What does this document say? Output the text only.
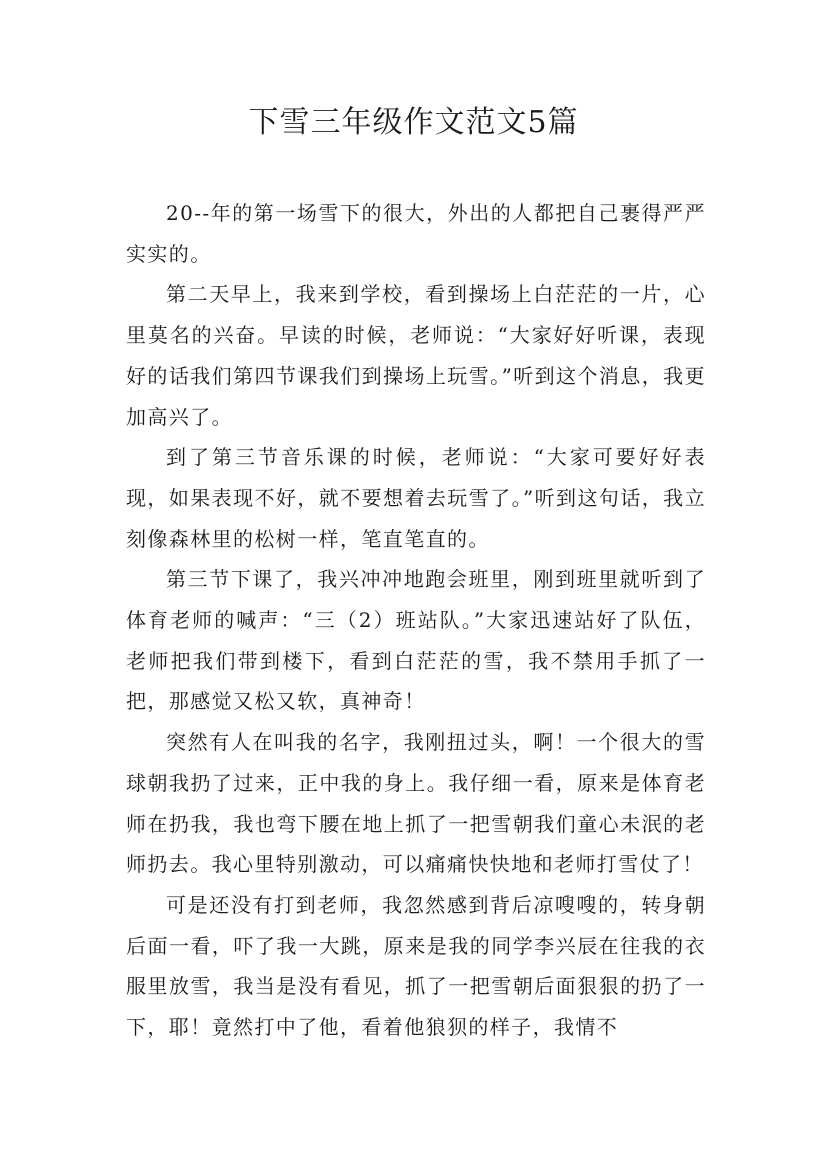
下雪三年级作文范文5篇

20--年的第一场雪下的很大，外出的人都把自己裹得严严实实的。

第二天早上，我来到学校，看到操场上白茫茫的一片，心里莫名的兴奋。早读的时候，老师说：“大家好好听课，表现好的话我们第四节课我们到操场上玩雪。”听到这个消息，我更加高兴了。

到了第三节音乐课的时候，老师说：“大家可要好好表现，如果表现不好，就不要想着去玩雪了。”听到这句话，我立刻像森林里的松树一样，笔直笔直的。

第三节下课了，我兴冲冲地跑会班里，刚到班里就听到了体育老师的喊声：“三（2）班站队。”大家迅速站好了队伍，老师把我们带到楼下，看到白茫茫的雪，我不禁用手抓了一把，那感觉又松又软，真神奇！

突然有人在叫我的名字，我刚扭过头，啊！一个很大的雪球朝我扔了过来，正中我的身上。我仔细一看，原来是体育老师在扔我，我也弯下腰在地上抓了一把雪朝我们童心未泯的老师扔去。我心里特别激动，可以痛痛快快地和老师打雪仗了！

可是还没有打到老师，我忽然感到背后凉嗖嗖的，转身朝后面一看，吓了我一大跳，原来是我的同学李兴辰在往我的衣服里放雪，我当是没有看见，抓了一把雪朝后面狠狠的扔了一下，耶！竟然打中了他，看着他狼狈的样子，我情不
